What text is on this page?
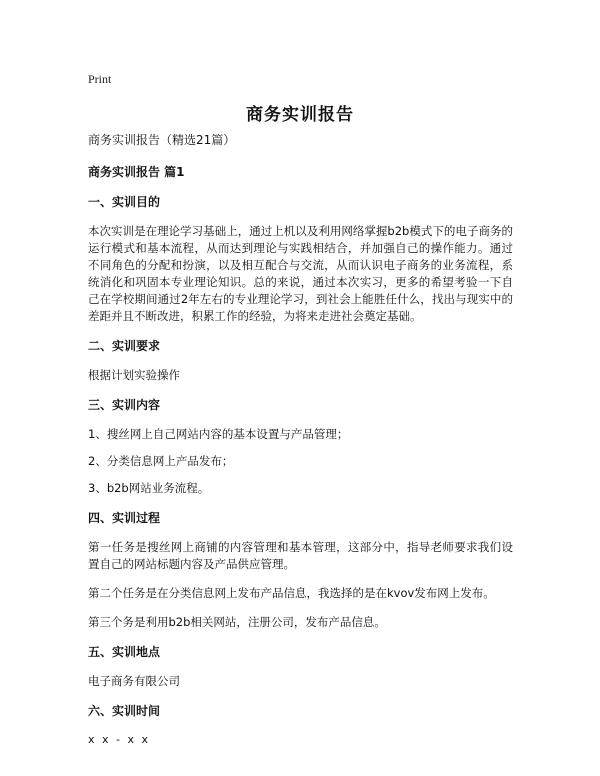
Print
商务实训报告

商务实训报告（精选21篇）

商务实训报告 篇1

一、实训目的

本次实训是在理论学习基础上，通过上机以及利用网络掌握b2b模式下的电子商务的运行模式和基本流程，从而达到理论与实践相结合，并加强自己的操作能力。通过不同角色的分配和扮演，以及相互配合与交流，从而认识电子商务的业务流程，系统消化和巩固本专业理论知识。总的来说，通过本次实习，更多的希望考验一下自己在学校期间通过2年左右的专业理论学习，到社会上能胜任什么，找出与现实中的差距并且不断改进，积累工作的经验，为将来走进社会奠定基础。

二、实训要求

根据计划实验操作

三、实训内容

1、搜丝网上自己网站内容的基本设置与产品管理；

2、分类信息网上产品发布；

3、b2b网站业务流程。

四、实训过程

第一任务是搜丝网上商铺的内容管理和基本管理，这部分中，指导老师要求我们设置自己的网站标题内容及产品供应管理。

第二个任务是在分类信息网上发布产品信息，我选择的是在kvov发布网上发布。

第三个务是利用b2b相关网站，注册公司，发布产品信息。

五、实训地点

电子商务有限公司

六、实训时间

x x - x x
